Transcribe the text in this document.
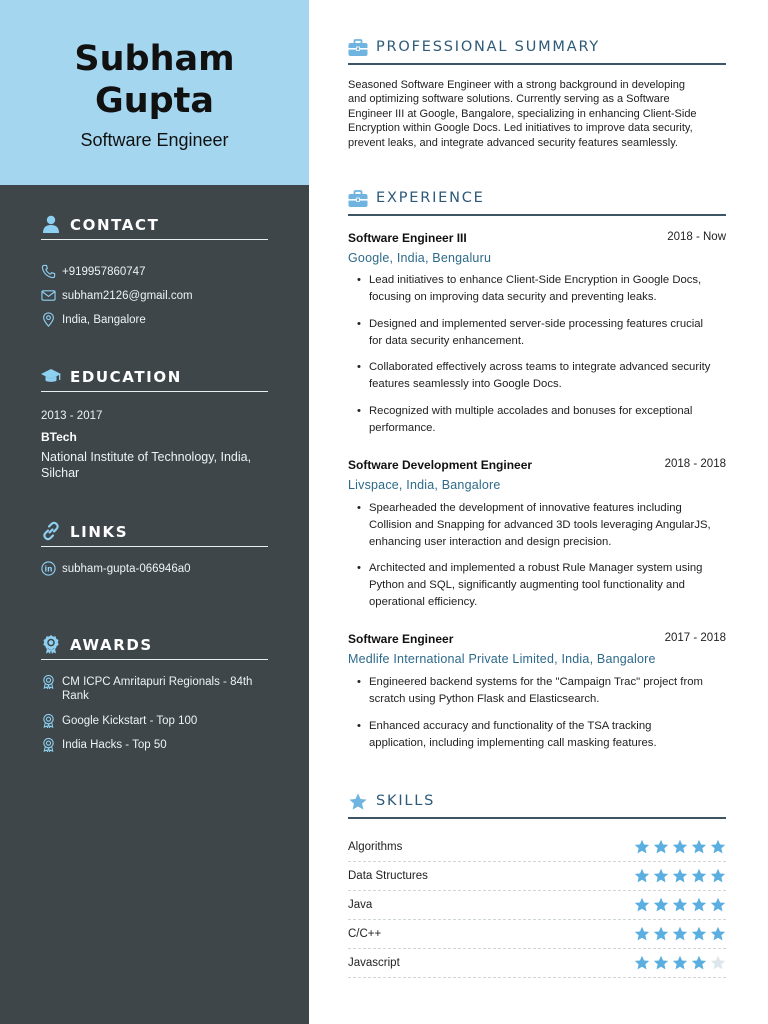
Subham
Gupta
Software Engineer
CONTACT
+919957860747
subham2126@gmail.com
India, Bangalore
EDUCATION
2013 - 2017
BTech
National Institute of Technology, India,
Silchar
LINKS
in subham-gupta-066946a0
AWARDS
CM ICPC Amritapuri Regionals - 84th
Rank
Google Kickstart - Top 100
India Hacks - Top 50
PROFESSIONAL SUMMARY
Seasoned Software Engineer with a strong background in developing
and optimizing software solutions. Currently serving as a Software
Engineer III at Google, Bangalore, specializing in enhancing Client-Side
Encryption within Google Docs. Led initiatives to improve data security,
prevent leaks, and integrate advanced security features seamlessly.
EXPERIENCE
Software Engineer III	2018 - Now
Google, India, Bengaluru
• Lead initiatives to enhance Client-Side Encryption in Google Docs,
focusing on improving data security and preventing leaks.
• Designed and implemented server-side processing features crucial
for data security enhancement.
• Collaborated effectively across teams to integrate advanced security
features seamlessly into Google Docs.
• Recognized with multiple accolades and bonuses for exceptional
performance.
Software Development Engineer	2018 - 2018
Livspace, India, Bangalore
• Spearheaded the development of innovative features including
Collision and Snapping for advanced 3D tools leveraging AngularJS,
enhancing user interaction and design precision.
• Architected and implemented a robust Rule Manager system using
Python and SQL, significantly augmenting tool functionality and
operational efficiency.
Software Engineer	2017 - 2018
Medlife International Private Limited, India, Bangalore
• Engineered backend systems for the "Campaign Trac" project from
scratch using Python Flask and Elasticsearch.
• Enhanced accuracy and functionality of the TSA tracking
application, including implementing call masking features.
SKILLS
Algorithms
Data Structures
Java
C/C++
Javascript
